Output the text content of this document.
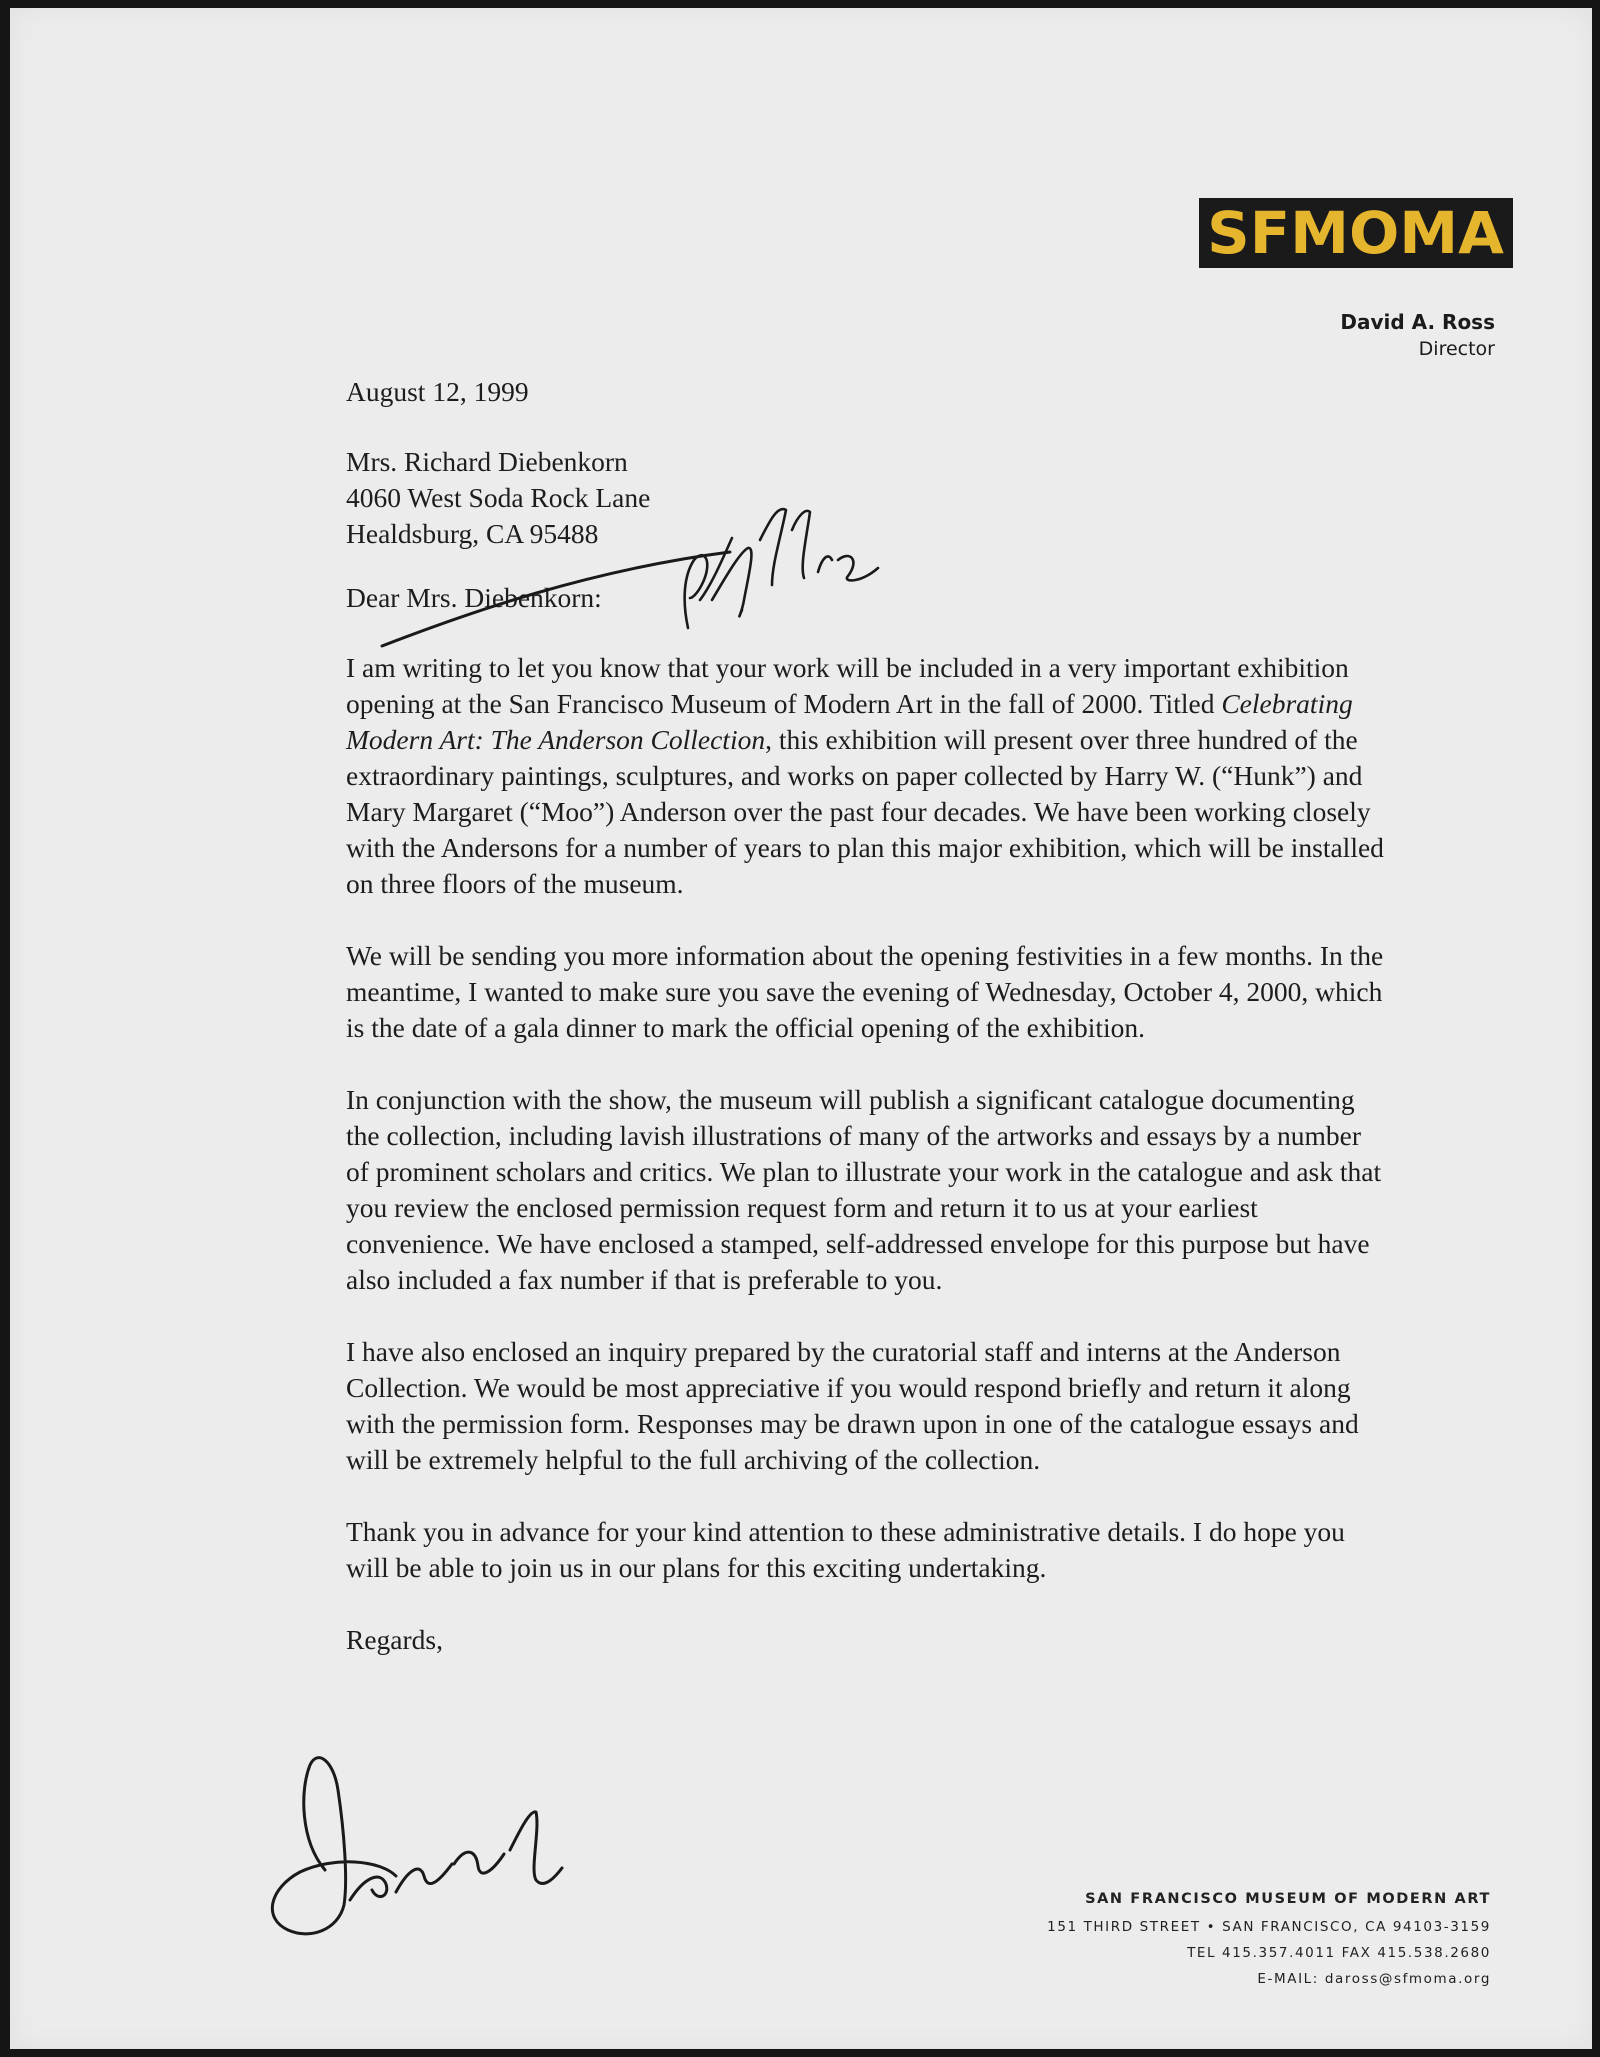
SFMOMA
David A. Ross
Director

August 12, 1999

Mrs. Richard Diebenkorn

4060 West Soda Rock Lane

Healdsburg, CA 95488

Dear Mrs. Diebenkorn:

I am writing to let you know that your work will be included in a very important exhibition opening at the San Francisco Museum of Modern Art in the fall of 2000. Titled Celebrating Modern Art: The Anderson Collection, this exhibition will present over three hundred of the extraordinary paintings, sculptures, and works on paper collected by Harry W. (“Hunk”) and Mary Margaret (“Moo”) Anderson over the past four decades. We have been working closely with the Andersons for a number of years to plan this major exhibition, which will be installed on three floors of the museum.

We will be sending you more information about the opening festivities in a few months. In the meantime, I wanted to make sure you save the evening of Wednesday, October 4, 2000, which is the date of a gala dinner to mark the official opening of the exhibition.

In conjunction with the show, the museum will publish a significant catalogue documenting the collection, including lavish illustrations of many of the artworks and essays by a number of prominent scholars and critics. We plan to illustrate your work in the catalogue and ask that you review the enclosed permission request form and return it to us at your earliest convenience. We have enclosed a stamped, self-addressed envelope for this purpose but have also included a fax number if that is preferable to you.

I have also enclosed an inquiry prepared by the curatorial staff and interns at the Anderson Collection. We would be most appreciative if you would respond briefly and return it along with the permission form. Responses may be drawn upon in one of the catalogue essays and will be extremely helpful to the full archiving of the collection.

Thank you in advance for your kind attention to these administrative details. I do hope you will be able to join us in our plans for this exciting undertaking.

Regards,

SAN FRANCISCO MUSEUM OF MODERN ART
151 THIRD STREET • SAN FRANCISCO, CA 94103-3159
TEL 415.357.4011 FAX 415.538.2680
E-MAIL: daross@sfmoma.org
